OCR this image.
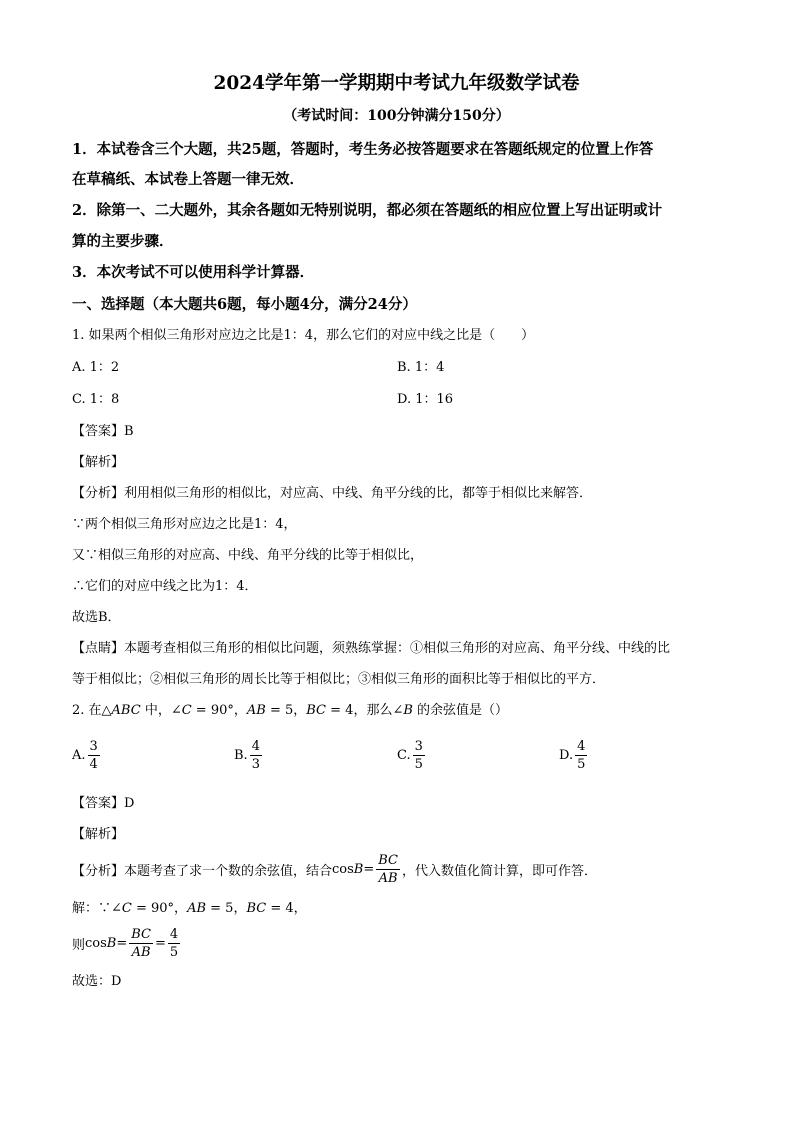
2024学年第一学期期中考试九年级数学试卷
（考试时间：100分钟满分150分）
1．本试卷含三个大题，共25题，答题时，考生务必按答题要求在答题纸规定的位置上作答
在草稿纸、本试卷上答题一律无效．
2．除第一、二大题外，其余各题如无特别说明，都必须在答题纸的相应位置上写出证明或计
算的主要步骤．
3．本次考试不可以使用科学计算器．
一、选择题（本大题共6题，每小题4分，满分24分）
1. 如果两个相似三角形对应边之比是1：4，那么它们的对应中线之比是（　　）
A. 1：2	B. 1：4
C. 1：8	D. 1：16
【答案】B
【解析】
【分析】利用相似三角形的相似比，对应高、中线、角平分线的比，都等于相似比来解答．
∵两个相似三角形对应边之比是1：4，
又∵相似三角形的对应高、中线、角平分线的比等于相似比，
∴它们的对应中线之比为1：4．
故选B．
【点睛】本题考查相似三角形的相似比问题，须熟练掌握：①相似三角形的对应高、角平分线、中线的比
等于相似比；②相似三角形的周长比等于相似比；③相似三角形的面积比等于相似比的平方．
2. 在△ABC 中，∠C = 90°，AB = 5，BC = 4，那么∠B 的余弦值是（）
A. $\frac{3}{4}$	B. $\frac{4}{3}$	C. $\frac{3}{5}$	D. $\frac{4}{5}$
【答案】D
【解析】
【分析】本题考查了求一个数的余弦值，结合 $\cos B = \frac{BC}{AB}$ ，代入数值化简计算，即可作答．
解：∵∠C = 90°，AB = 5，BC = 4，
则 $\cos B = \frac{BC}{AB} = \frac{4}{5}$
故选：D
